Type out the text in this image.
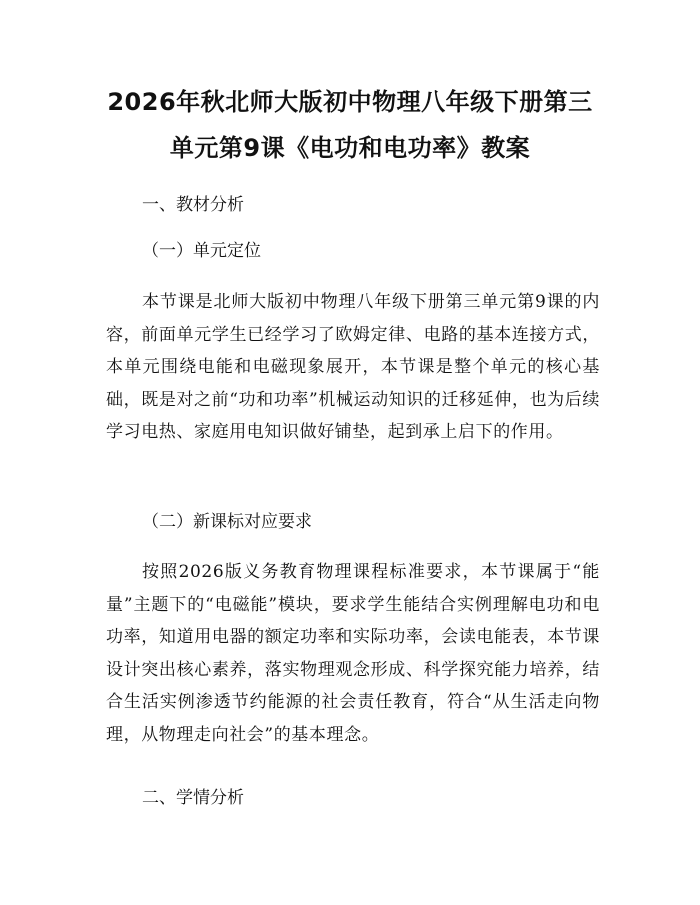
2026年秋北师大版初中物理八年级下册第三
单元第9课《电功和电功率》教案

一、教材分析

（一）单元定位

本节课是北师大版初中物理八年级下册第三单元第9课的内容，前面单元学生已经学习了欧姆定律、电路的基本连接方式，本单元围绕电能和电磁现象展开，本节课是整个单元的核心基础，既是对之前“功和功率”机械运动知识的迁移延伸，也为后续学习电热、家庭用电知识做好铺垫，起到承上启下的作用。

（二）新课标对应要求

按照2026版义务教育物理课程标准要求，本节课属于“能量”主题下的“电磁能”模块，要求学生能结合实例理解电功和电功率，知道用电器的额定功率和实际功率，会读电能表，本节课设计突出核心素养，落实物理观念形成、科学探究能力培养，结合生活实例渗透节约能源的社会责任教育，符合“从生活走向物理，从物理走向社会”的基本理念。

二、学情分析
